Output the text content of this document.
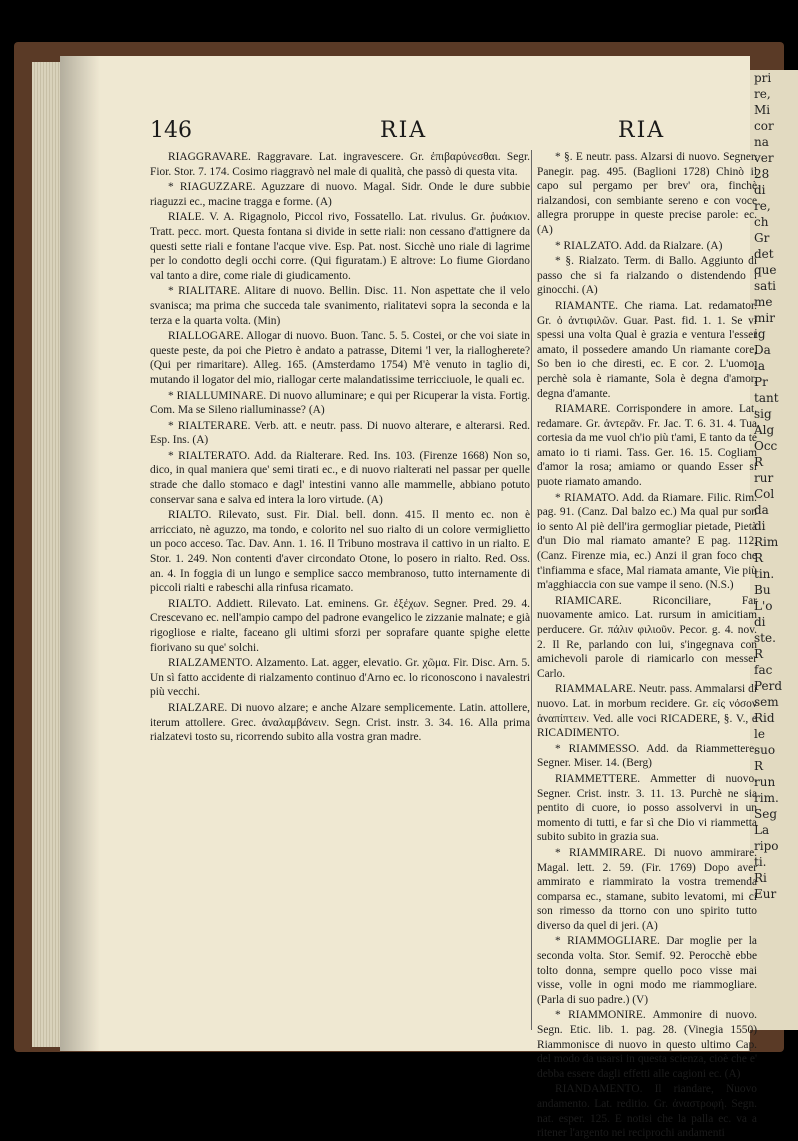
pri
re,
Mi
cor
na
ver
28
di
re,
ch
Gr
det
que
sati
me
mir
ig
Da
la
Pr
tant
sig
Alg
Occ
R
rur
Col
da
di
Rim
R
tin.
Bu
L'o
di
ste.
R
fac
Perd
sem
Rid
le
suo
R
run
rim.
Seg
La
ripo
ti.
Ri
Eur
146	RIA	RIA

RIAGGRAVARE. Raggravare. Lat. ingravescere. Gr. ἐπιβαρύνεσθαι. Segr. Fior. Stor. 7. 174. Cosimo riaggravò nel male di qualità, che passò di questa vita.

* RIAGUZZARE. Aguzzare di nuovo. Magal. Sidr. Onde le dure subbie riaguzzi ec., macine tragga e forme. (A)

RIALE. V. A. Rigagnolo, Piccol rivo, Fossatello. Lat. rivulus. Gr. ῥυάκιον. Tratt. pecc. mort. Questa fontana si divide in sette riali: non cessano d'attignere da questi sette riali e fontane l'acque vive. Esp. Pat. nost. Sicchè uno riale di lagrime per lo condotto degli occhi corre. (Qui figuratam.) E altrove: Lo fiume Giordano val tanto a dire, come riale di giudicamento.

* RIALITARE. Alitare di nuovo. Bellin. Disc. 11. Non aspettate che il velo svanisca; ma prima che succeda tale svanimento, rialitatevi sopra la seconda e la terza e la quarta volta. (Min)

RIALLOGARE. Allogar di nuovo. Buon. Tanc. 5. 5. Costei, or che voi siate in queste peste, da poi che Pietro è andato a patrasse, Ditemi 'l ver, la riallogherete? (Qui per rimaritare). Alleg. 165. (Amsterdamo 1754) M'è venuto in taglio di, mutando il logator del mio, riallogar certe malandatissime terricciuole, le quali ec.

* RIALLUMINARE. Di nuovo alluminare; e qui per Ricuperar la vista. Fortig. Com. Ma se Sileno rialluminasse? (A)

* RIALTERARE. Verb. att. e neutr. pass. Di nuovo alterare, e alterarsi. Red. Esp. Ins. (A)

* RIALTERATO. Add. da Rialterare. Red. Ins. 103. (Firenze 1668) Non so, dico, in qual maniera que' semi tirati ec., e di nuovo rialterati nel passar per quelle strade che dallo stomaco e dagl' intestini vanno alle mammelle, abbiano potuto conservar sana e salva ed intera la loro virtude. (A)

RIALTO. Rilevato, sust. Fir. Dial. bell. donn. 415. Il mento ec. non è arricciato, nè aguzzo, ma tondo, e colorito nel suo rialto di un colore vermiglietto un poco acceso. Tac. Dav. Ann. 1. 16. Il Tribuno mostrava il cattivo in un rialto. E Stor. 1. 249. Non contenti d'aver circondato Otone, lo posero in rialto. Red. Oss. an. 4. In foggia di un lungo e semplice sacco membranoso, tutto internamente di piccoli rialti e rabeschi alla rinfusa ricamato.

RIALTO. Addiett. Rilevato. Lat. eminens. Gr. ἐξέχων. Segner. Pred. 29. 4. Crescevano ec. nell'ampio campo del padrone evangelico le zizzanie malnate; e già rigogliose e rialte, faceano gli ultimi sforzi per soprafare quante spighe elette fiorivano su que' solchi.

RIALZAMENTO. Alzamento. Lat. agger, elevatio. Gr. χῶμα. Fir. Disc. Arn. 5. Un sì fatto accidente di rialzamento continuo d'Arno ec. lo riconoscono i navalestri più vecchi.

RIALZARE. Di nuovo alzare; e anche Alzare semplicemente. Latin. attollere, iterum attollere. Grec. ἀναλαμβάνειν. Segn. Crist. instr. 3. 34. 16. Alla prima rialzatevi tosto su, ricorrendo subito alla vostra gran madre.

* §. E neutr. pass. Alzarsi di nuovo. Segner. Panegir. pag. 495. (Baglioni 1728) Chinò il capo sul pergamo per brev' ora, finchè rialzandosi, con sembiante sereno e con voce allegra proruppe in queste precise parole: ec. (A)

* RIALZATO. Add. da Rialzare. (A)

* §. Rialzato. Term. di Ballo. Aggiunto di passo che si fa rialzando o distendendo i ginocchi. (A)

RIAMANTE. Che riama. Lat. redamator. Gr. ὁ ἀντιφιλῶν. Guar. Past. fid. 1. 1. Se vi spessi una volta Qual è grazia e ventura l'esser amato, il possedere amando Un riamante core, So ben io che diresti, ec. E cor. 2. L'uomo, perchè sola è riamante, Sola è degna d'amor, degna d'amante.

RIAMARE. Corrispondere in amore. Lat. redamare. Gr. ἀντερᾶν. Fr. Jac. T. 6. 31. 4. Tua cortesia da me vuol ch'io più t'ami, E tanto da te amato io ti riami. Tass. Ger. 16. 15. Cogliam d'amor la rosa; amiamo or quando Esser si puote riamato amando.

* RIAMATO. Add. da Riamare. Filic. Rim. pag. 91. (Canz. Dal balzo ec.) Ma qual pur son io sento Al piè dell'ira germogliar pietade, Pietà d'un Dio mal riamato amante? E pag. 112. (Canz. Firenze mia, ec.) Anzi il gran foco che t'infiamma e sface, Mal riamata amante, Vie più m'agghiaccia con sue vampe il seno. (N.S.)

RIAMICARE. Riconciliare, Far nuovamente amico. Lat. rursum in amicitiam perducere. Gr. πάλιν φιλιοῦν. Pecor. g. 4. nov. 2. Il Re, parlando con lui, s'ingegnava con amichevoli parole di riamicarlo con messer Carlo.

RIAMMALARE. Neutr. pass. Ammalarsi di nuovo. Lat. in morbum recidere. Gr. εἰς νόσον ἀναπίπτειν. Ved. alle voci RICADERE, §. V., e RICADIMENTO.

* RIAMMESSO. Add. da Riammettere. Segner. Miser. 14. (Berg)

RIAMMETTERE. Ammetter di nuovo. Segner. Crist. instr. 3. 11. 13. Purchè ne sia pentito di cuore, io posso assolvervi in un momento di tutti, e far sì che Dio vi riammetta subito subito in grazia sua.

* RIAMMIRARE. Di nuovo ammirare. Magal. lett. 2. 59. (Fir. 1769) Dopo aver ammirato e riammirato la vostra tremenda comparsa ec., stamane, subito levatomi, mi ci son rimesso da ttorno con uno spirito tutto diverso da quel di jeri. (A)

* RIAMMOGLIARE. Dar moglie per la seconda volta. Stor. Semif. 92. Perocchè ebbe tolto donna, sempre quello poco visse mai visse, volle in ogni modo me riammogliare. (Parla di suo padre.) (V)

* RIAMMONIRE. Ammonire di nuovo. Segn. Etic. lib. 1. pag. 28. (Vinegia 1550) Riammonisce di nuovo in questo ultimo Cap. del modo da usarsi in questa scienza, cioè che e' debba essere dagli effetti alle cagioni ec. (A)

RIANDAMENTO. Il riandare, Nuovo andamento. Lat. reditio. Gr. ἀναστροφή. Segn. nat. esper. 125. E notisi che la palla ec. va a ritener l'argento nei reciprochi andamenti
